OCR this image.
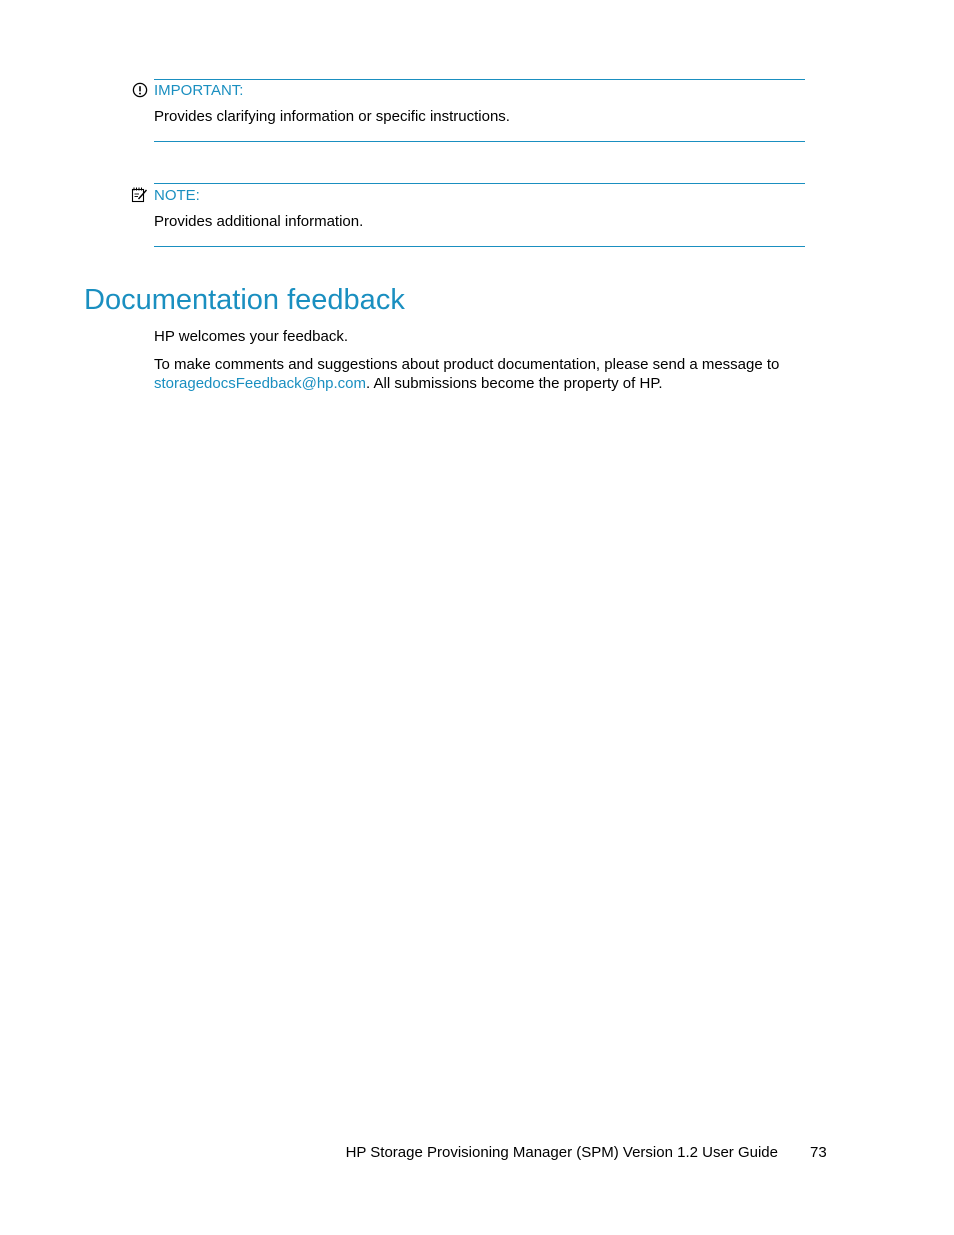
IMPORTANT:
Provides clarifying information or specific instructions.
NOTE:
Provides additional information.
Documentation feedback

HP welcomes your feedback.

To make comments and suggestions about product documentation, please send a message to

storagedocsFeedback@hp.com. All submissions become the property of HP.

HP Storage Provisioning Manager (SPM) Version 1.2 User Guide 73
